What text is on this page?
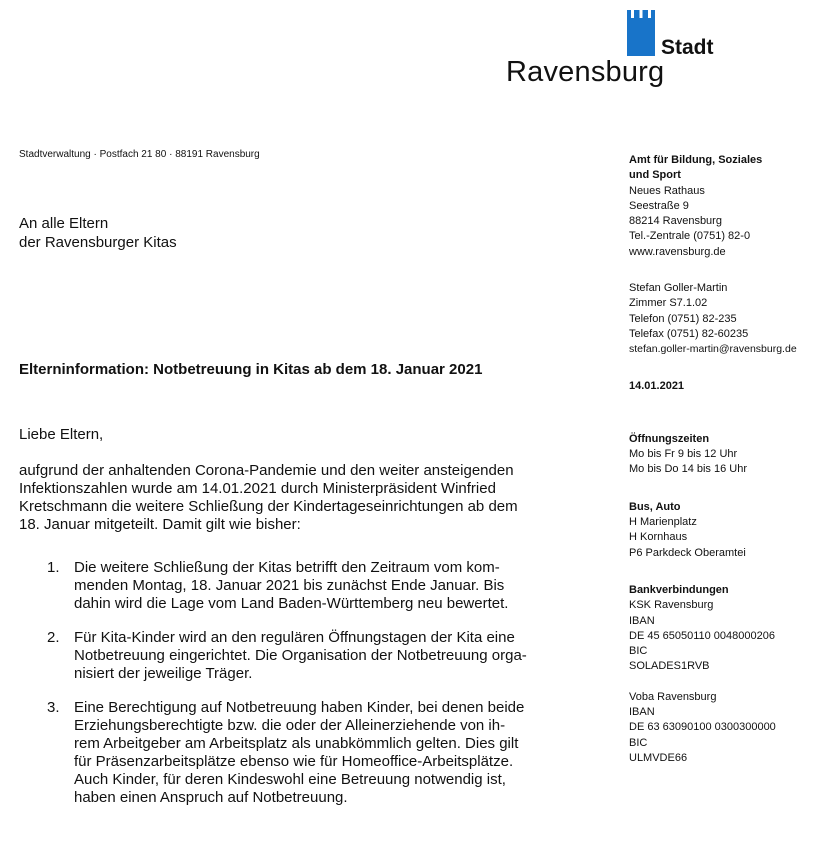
Stadt
Ravensburg
Stadtverwaltung · Postfach 21 80 · 88191 Ravensburg
An alle Eltern
der Ravensburger Kitas
Elterninformation: Notbetreuung in Kitas ab dem 18. Januar 2021
Liebe Eltern,
aufgrund der anhaltenden Corona-Pandemie und den weiter ansteigenden
Infektionszahlen wurde am 14.01.2021 durch Ministerpräsident Winfried
Kretschmann die weitere Schließung der Kindertageseinrichtungen ab dem
18. Januar mitgeteilt. Damit gilt wie bisher:
1. Die weitere Schließung der Kitas betrifft den Zeitraum vom kom-
menden Montag, 18. Januar 2021 bis zunächst Ende Januar. Bis
dahin wird die Lage vom Land Baden-Württemberg neu bewertet.
2. Für Kita-Kinder wird an den regulären Öffnungstagen der Kita eine
Notbetreuung eingerichtet. Die Organisation der Notbetreuung orga-
nisiert der jeweilige Träger.
3. Eine Berechtigung auf Notbetreuung haben Kinder, bei denen beide
Erziehungsberechtigte bzw. die oder der Alleinerziehende von ih-
rem Arbeitgeber am Arbeitsplatz als unabkömmlich gelten. Dies gilt
für Präsenzarbeitsplätze ebenso wie für Homeoffice-Arbeitsplätze.
Auch Kinder, für deren Kindeswohl eine Betreuung notwendig ist,
haben einen Anspruch auf Notbetreuung.
Amt für Bildung, Soziales
und Sport
Neues Rathaus
Seestraße 9
88214 Ravensburg
Tel.-Zentrale (0751) 82-0
www.ravensburg.de
Stefan Goller-Martin
Zimmer S7.1.02
Telefon (0751) 82-235
Telefax (0751) 82-60235
stefan.goller-martin@ravensburg.de
14.01.2021
Öffnungszeiten
Mo bis Fr 9 bis 12 Uhr
Mo bis Do 14 bis 16 Uhr
Bus, Auto
H Marienplatz
H Kornhaus
P6 Parkdeck Oberamtei
Bankverbindungen
KSK Ravensburg
IBAN
DE 45 65050110 0048000206
BIC
SOLADES1RVB
Voba Ravensburg
IBAN
DE 63 63090100 0300300000
BIC
ULMVDE66
